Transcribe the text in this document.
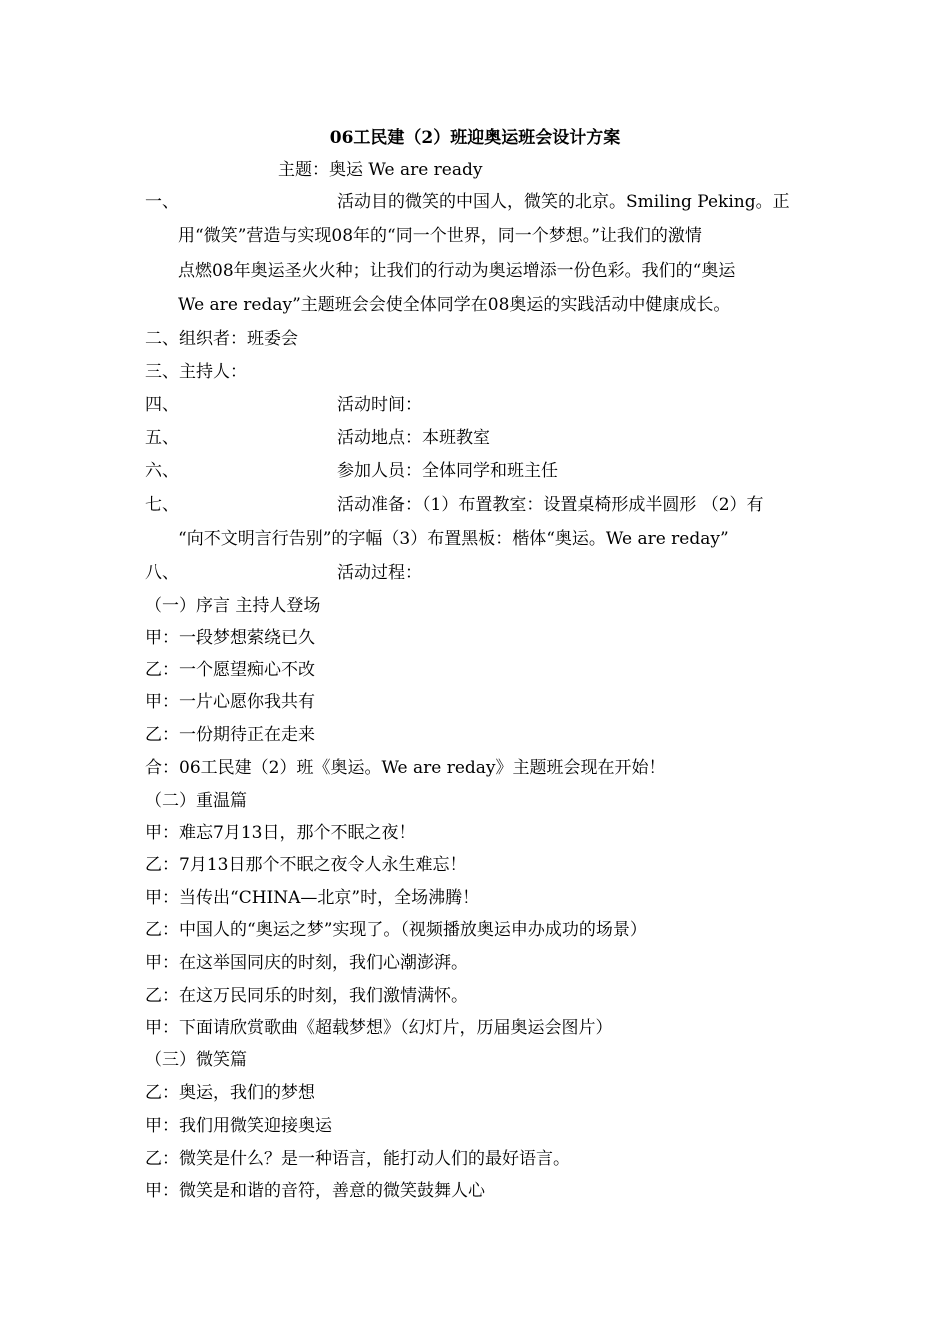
06工民建（2）班迎奥运班会设计方案
主题：奥运 We are ready
一、	活动目的微笑的中国人，微笑的北京。Smiling Peking。正
用“微笑”营造与实现08年的“同一个世界，同一个梦想。”让我们的激情
点燃08年奥运圣火火种；让我们的行动为奥运增添一份色彩。我们的“奥运
We are reday”主题班会会使全体同学在08奥运的实践活动中健康成长。
二、组织者：班委会
三、主持人：
四、	活动时间：
五、	活动地点：本班教室
六、	参加人员：全体同学和班主任
七、	活动准备：（1）布置教室：设置桌椅形成半圆形 （2）有
“向不文明言行告别”的字幅（3）布置黑板：楷体“奥运。We are reday”
八、	活动过程：
（一）序言 主持人登场
甲：一段梦想萦绕已久
乙：一个愿望痴心不改
甲：一片心愿你我共有
乙：一份期待正在走来
合：06工民建（2）班《奥运。We are reday》主题班会现在开始！
（二）重温篇
甲：难忘7月13日，那个不眠之夜！
乙：7月13日那个不眠之夜令人永生难忘！
甲：当传出“CHINA—北京”时，全场沸腾！
乙：中国人的“奥运之梦”实现了。（视频播放奥运申办成功的场景）
甲：在这举国同庆的时刻，我们心潮澎湃。
乙：在这万民同乐的时刻，我们激情满怀。
甲：下面请欣赏歌曲《超载梦想》（幻灯片，历届奥运会图片）
（三）微笑篇
乙：奥运，我们的梦想
甲：我们用微笑迎接奥运
乙：微笑是什么？是一种语言，能打动人们的最好语言。
甲：微笑是和谐的音符，善意的微笑鼓舞人心
